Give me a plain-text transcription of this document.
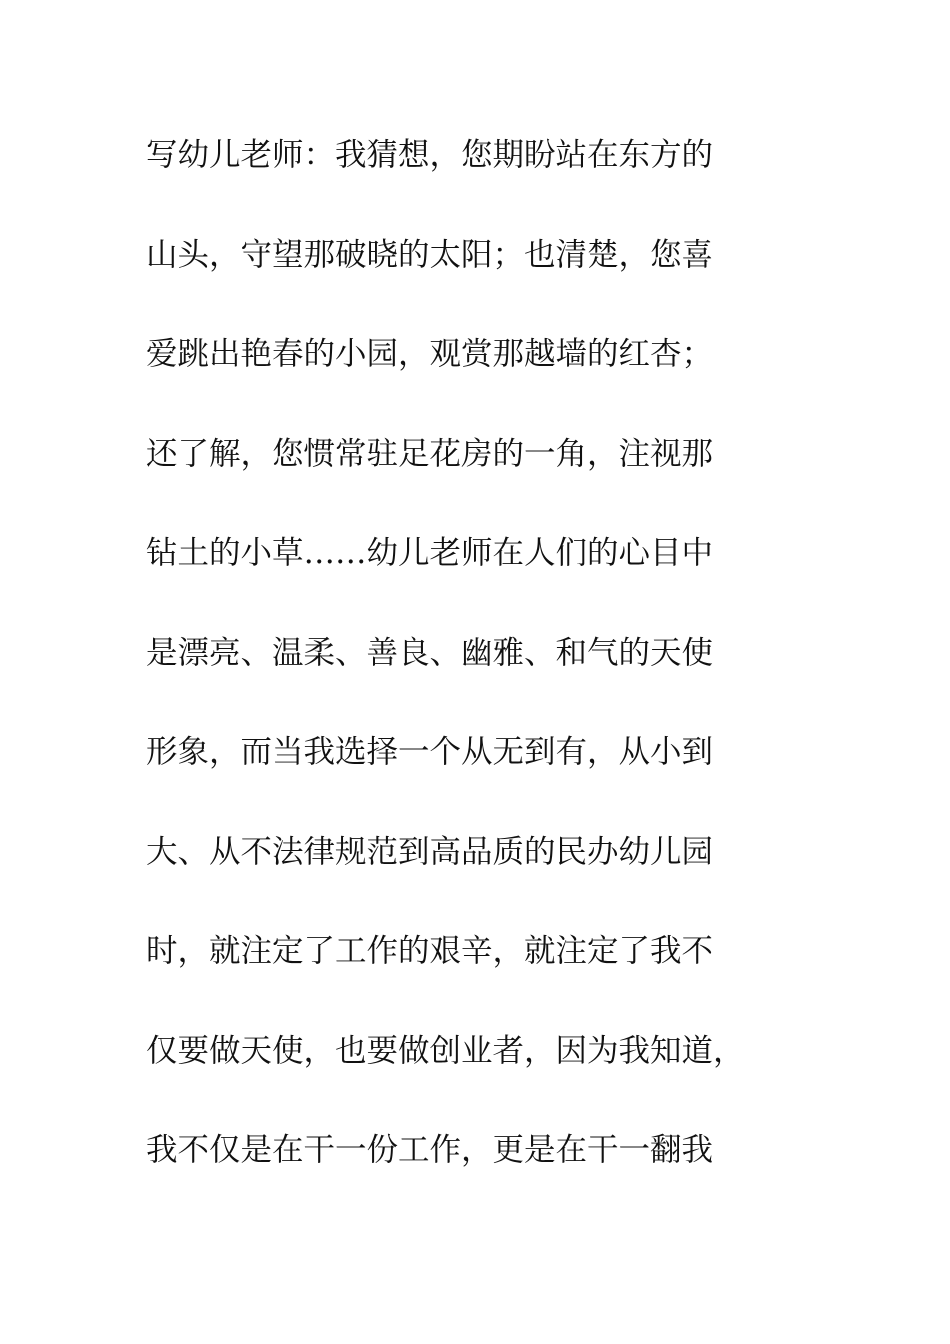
写幼儿老师：我猜想，您期盼站在东方的
山头，守望那破晓的太阳；也清楚，您喜
爱跳出艳春的小园，观赏那越墙的红杏；
还了解，您惯常驻足花房的一角，注视那
钻土的小草……幼儿老师在人们的心目中
是漂亮、温柔、善良、幽雅、和气的天使
形象，而当我选择一个从无到有，从小到
大、从不法律规范到高品质的民办幼儿园
时，就注定了工作的艰辛，就注定了我不
仅要做天使，也要做创业者，因为我知道，
我不仅是在干一份工作，更是在干一翻我
